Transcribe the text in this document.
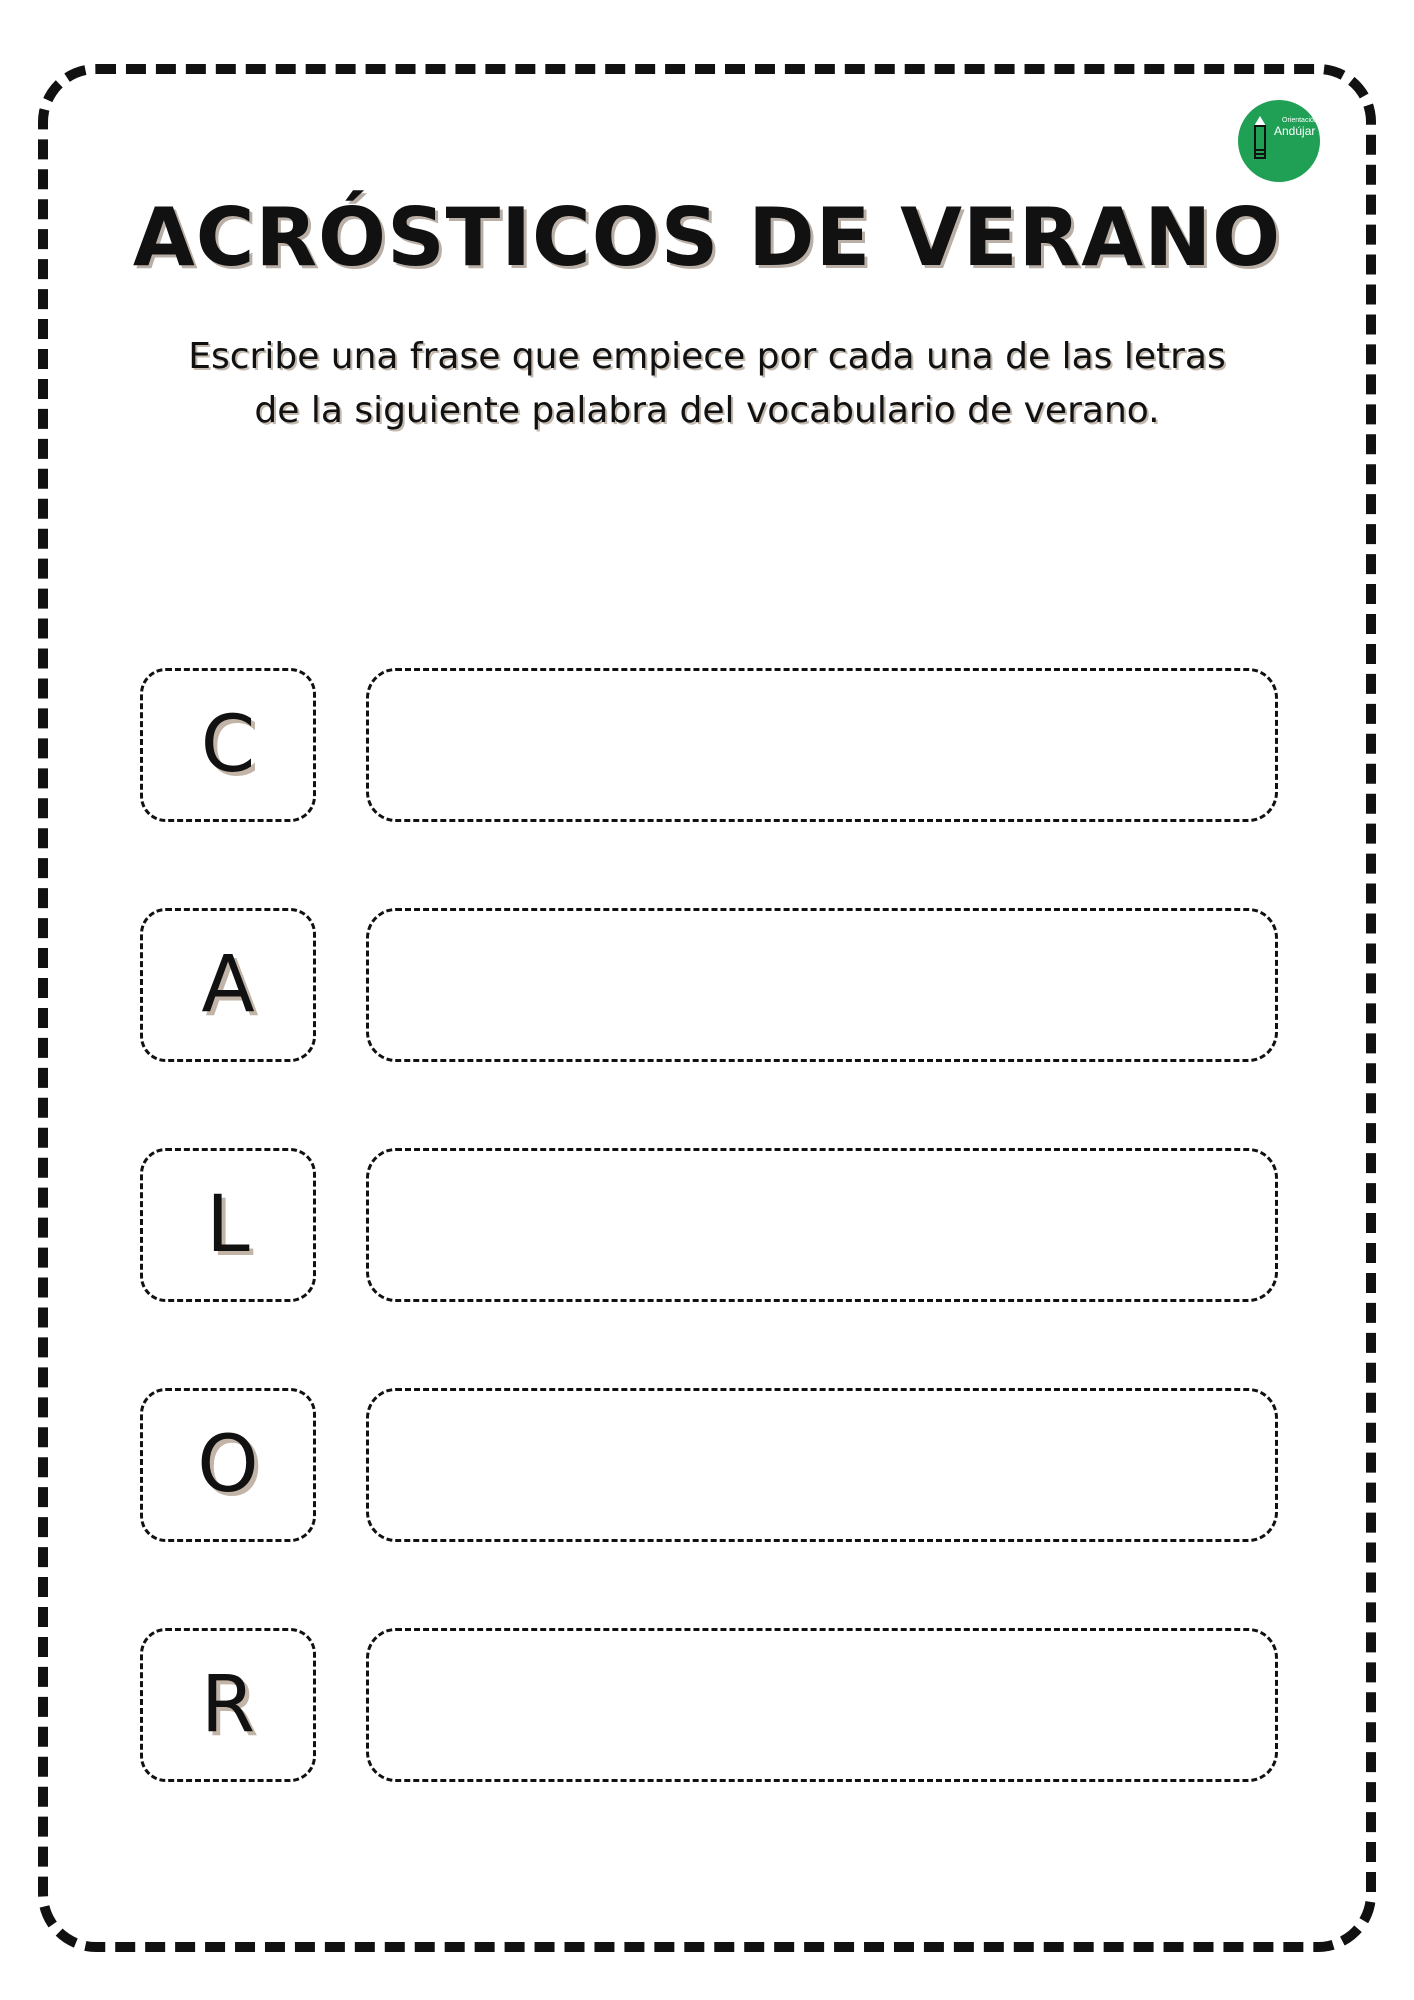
Orientación
Andújar
ACRÓSTICOS DE VERANO
Escribe una frase que empiece por cada una de las letras
de la siguiente palabra del vocabulario de verano.
C
A
L
O
R
